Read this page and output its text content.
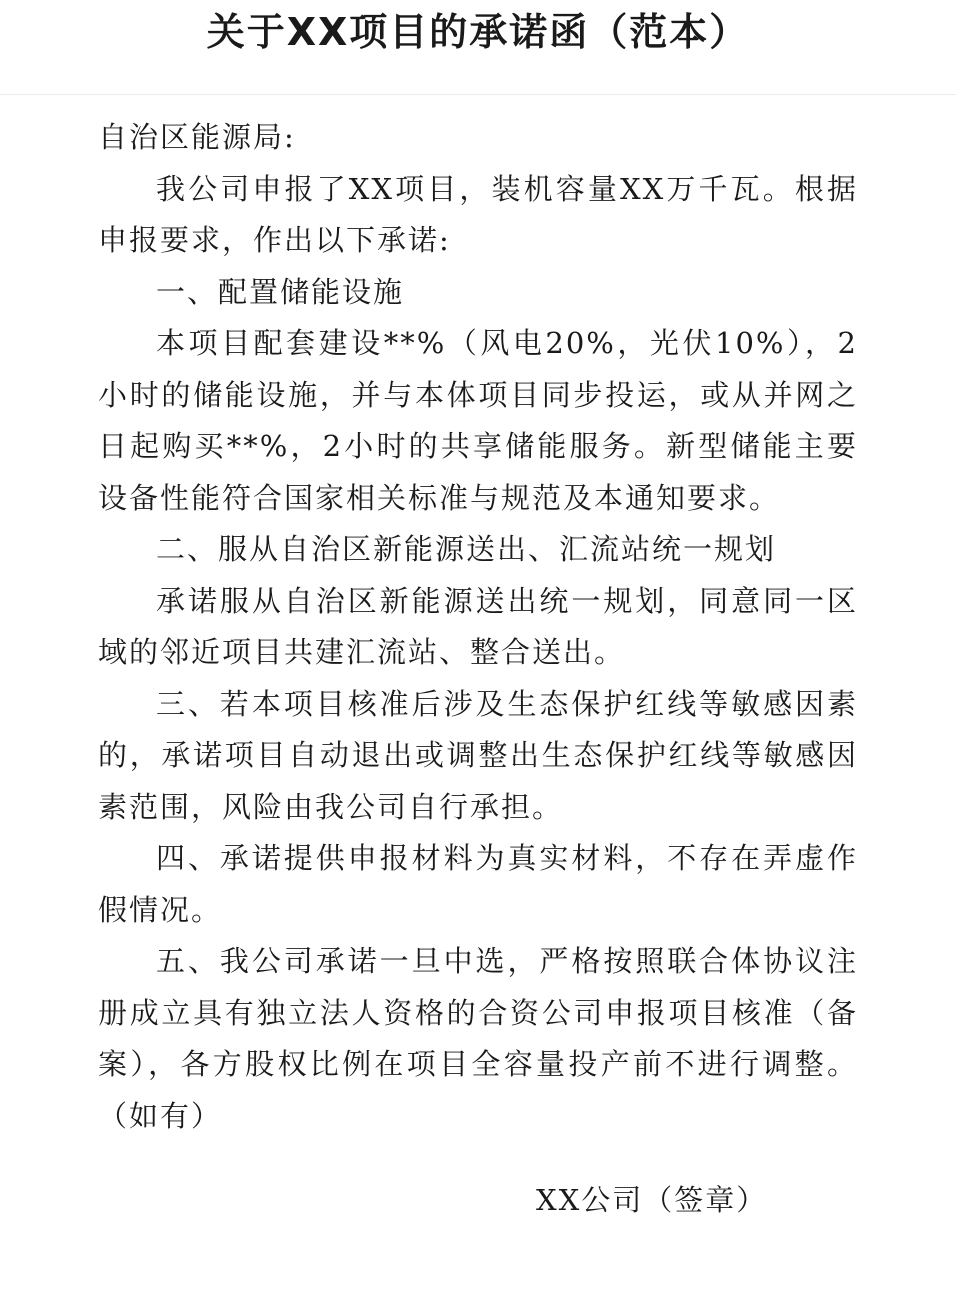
关于XX项目的承诺函（范本）

自治区能源局:

我公司申报了XX项目，装机容量XX万千瓦。根据申报要求，作出以下承诺:

一、配置储能设施

本项目配套建设**%（风电20%，光伏10%），2小时的储能设施，并与本体项目同步投运，或从并网之日起购买**%，2小时的共享储能服务。新型储能主要设备性能符合国家相关标准与规范及本通知要求。

二、服从自治区新能源送出、汇流站统一规划

承诺服从自治区新能源送出统一规划，同意同一区域的邻近项目共建汇流站、整合送出。

三、若本项目核准后涉及生态保护红线等敏感因素的，承诺项目自动退出或调整出生态保护红线等敏感因素范围，风险由我公司自行承担。

四、承诺提供申报材料为真实材料，不存在弄虚作假情况。

五、我公司承诺一旦中选，严格按照联合体协议注册成立具有独立法人资格的合资公司申报项目核准（备案），各方股权比例在项目全容量投产前不进行调整。（如有）

XX公司（签章）
